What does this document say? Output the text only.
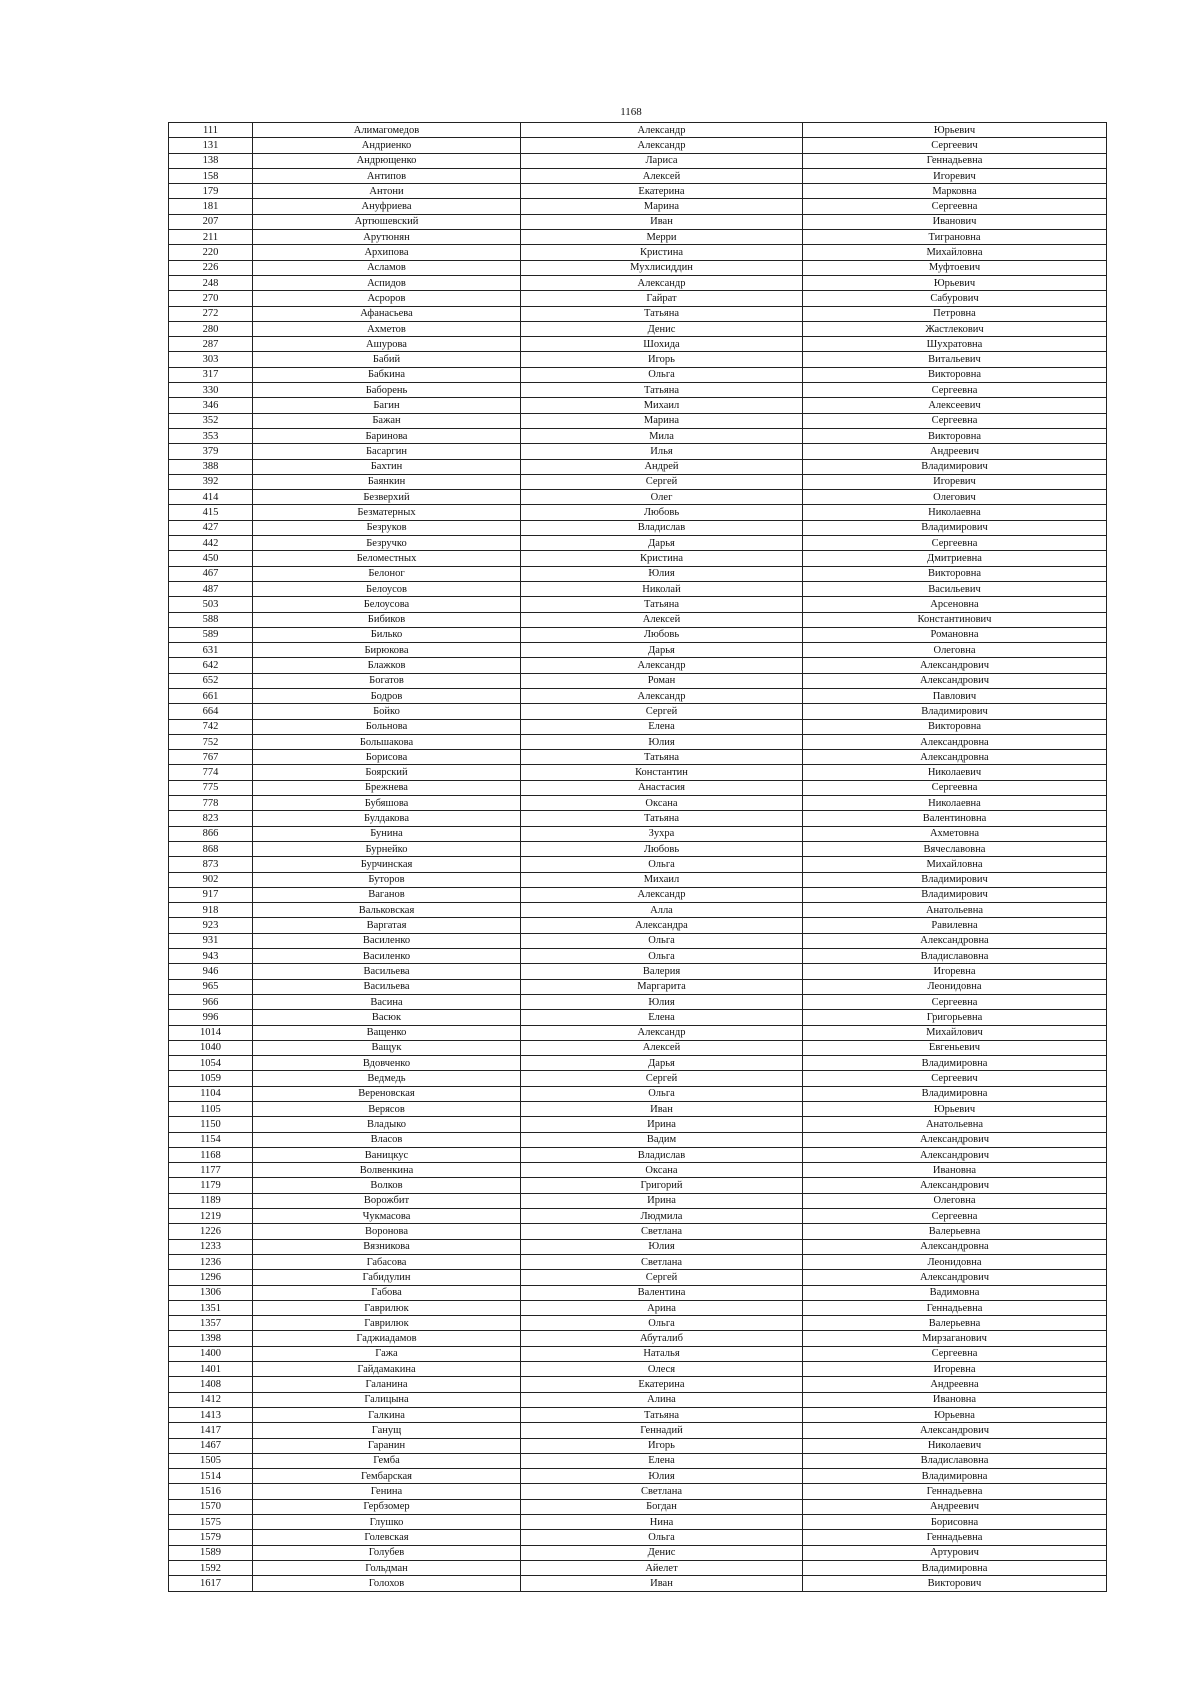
1168
111	Алимагомедов	Александр	Юрьевич
131	Андриенко	Александр	Сергеевич
138	Андрющенко	Лариса	Геннадьевна
158	Антипов	Алексей	Игоревич
179	Антони	Екатерина	Марковна
181	Ануфриева	Марина	Сергеевна
207	Артюшевский	Иван	Иванович
211	Арутюнян	Мерри	Тиграновна
220	Архипова	Кристина	Михайловна
226	Асламов	Мухлисиддин	Муфтоевич
248	Аспидов	Александр	Юрьевич
270	Асроров	Гайрат	Сабурович
272	Афанасьева	Татьяна	Петровна
280	Ахметов	Денис	Жастлекович
287	Ашурова	Шохида	Шухратовна
303	Бабий	Игорь	Витальевич
317	Бабкина	Ольга	Викторовна
330	Баборень	Татьяна	Сергеевна
346	Багин	Михаил	Алексеевич
352	Бажан	Марина	Сергеевна
353	Баринова	Мила	Викторовна
379	Басаргин	Илья	Андреевич
388	Бахтин	Андрей	Владимирович
392	Баянкин	Сергей	Игоревич
414	Безверхий	Олег	Олегович
415	Безматерных	Любовь	Николаевна
427	Безруков	Владислав	Владимирович
442	Безручко	Дарья	Сергеевна
450	Беломестных	Кристина	Дмитриевна
467	Белоног	Юлия	Викторовна
487	Белоусов	Николай	Васильевич
503	Белоусова	Татьяна	Арсеновна
588	Бибиков	Алексей	Константинович
589	Билько	Любовь	Романовна
631	Бирюкова	Дарья	Олеговна
642	Блажков	Александр	Александрович
652	Богатов	Роман	Александрович
661	Бодров	Александр	Павлович
664	Бойко	Сергей	Владимирович
742	Больнова	Елена	Викторовна
752	Большакова	Юлия	Александровна
767	Борисова	Татьяна	Александровна
774	Боярский	Константин	Николаевич
775	Брежнева	Анастасия	Сергеевна
778	Бубяшова	Оксана	Николаевна
823	Булдакова	Татьяна	Валентиновна
866	Бунина	Зухра	Ахметовна
868	Бурнейко	Любовь	Вячеславовна
873	Бурчинская	Ольга	Михайловна
902	Буторов	Михаил	Владимирович
917	Ваганов	Александр	Владимирович
918	Вальковская	Алла	Анатольевна
923	Варгатая	Александра	Равилевна
931	Василенко	Ольга	Александровна
943	Василенко	Ольга	Владиславовна
946	Васильева	Валерия	Игоревна
965	Васильева	Маргарита	Леонидовна
966	Васина	Юлия	Сергеевна
996	Васюк	Елена	Григорьевна
1014	Ващенко	Александр	Михайлович
1040	Ващук	Алексей	Евгеньевич
1054	Вдовченко	Дарья	Владимировна
1059	Ведмедь	Сергей	Сергеевич
1104	Вереновская	Ольга	Владимировна
1105	Верясов	Иван	Юрьевич
1150	Владыко	Ирина	Анатольевна
1154	Власов	Вадим	Александрович
1168	Ваницкус	Владислав	Александрович
1177	Волвенкина	Оксана	Ивановна
1179	Волков	Григорий	Александрович
1189	Ворожбит	Ирина	Олеговна
1219	Чукмасова	Людмила	Сергеевна
1226	Воронова	Светлана	Валерьевна
1233	Вязникова	Юлия	Александровна
1236	Габасова	Светлана	Леонидовна
1296	Габидулин	Сергей	Александрович
1306	Габова	Валентина	Вадимовна
1351	Гаврилюк	Арина	Геннадьевна
1357	Гаврилюк	Ольга	Валерьевна
1398	Гаджиадамов	Абуталиб	Мирзаганович
1400	Гажа	Наталья	Сергеевна
1401	Гайдамакина	Олеся	Игоревна
1408	Галанина	Екатерина	Андреевна
1412	Галицына	Алина	Ивановна
1413	Галкина	Татьяна	Юрьевна
1417	Ганущ	Геннадий	Александрович
1467	Гаранин	Игорь	Николаевич
1505	Гемба	Елена	Владиславовна
1514	Гембарская	Юлия	Владимировна
1516	Генина	Светлана	Геннадьевна
1570	Гербзомер	Богдан	Андреевич
1575	Глушко	Нина	Борисовна
1579	Голевская	Ольга	Геннадьевна
1589	Голубев	Денис	Артурович
1592	Гольдман	Айелет	Владимировна
1617	Голохов	Иван	Викторович
